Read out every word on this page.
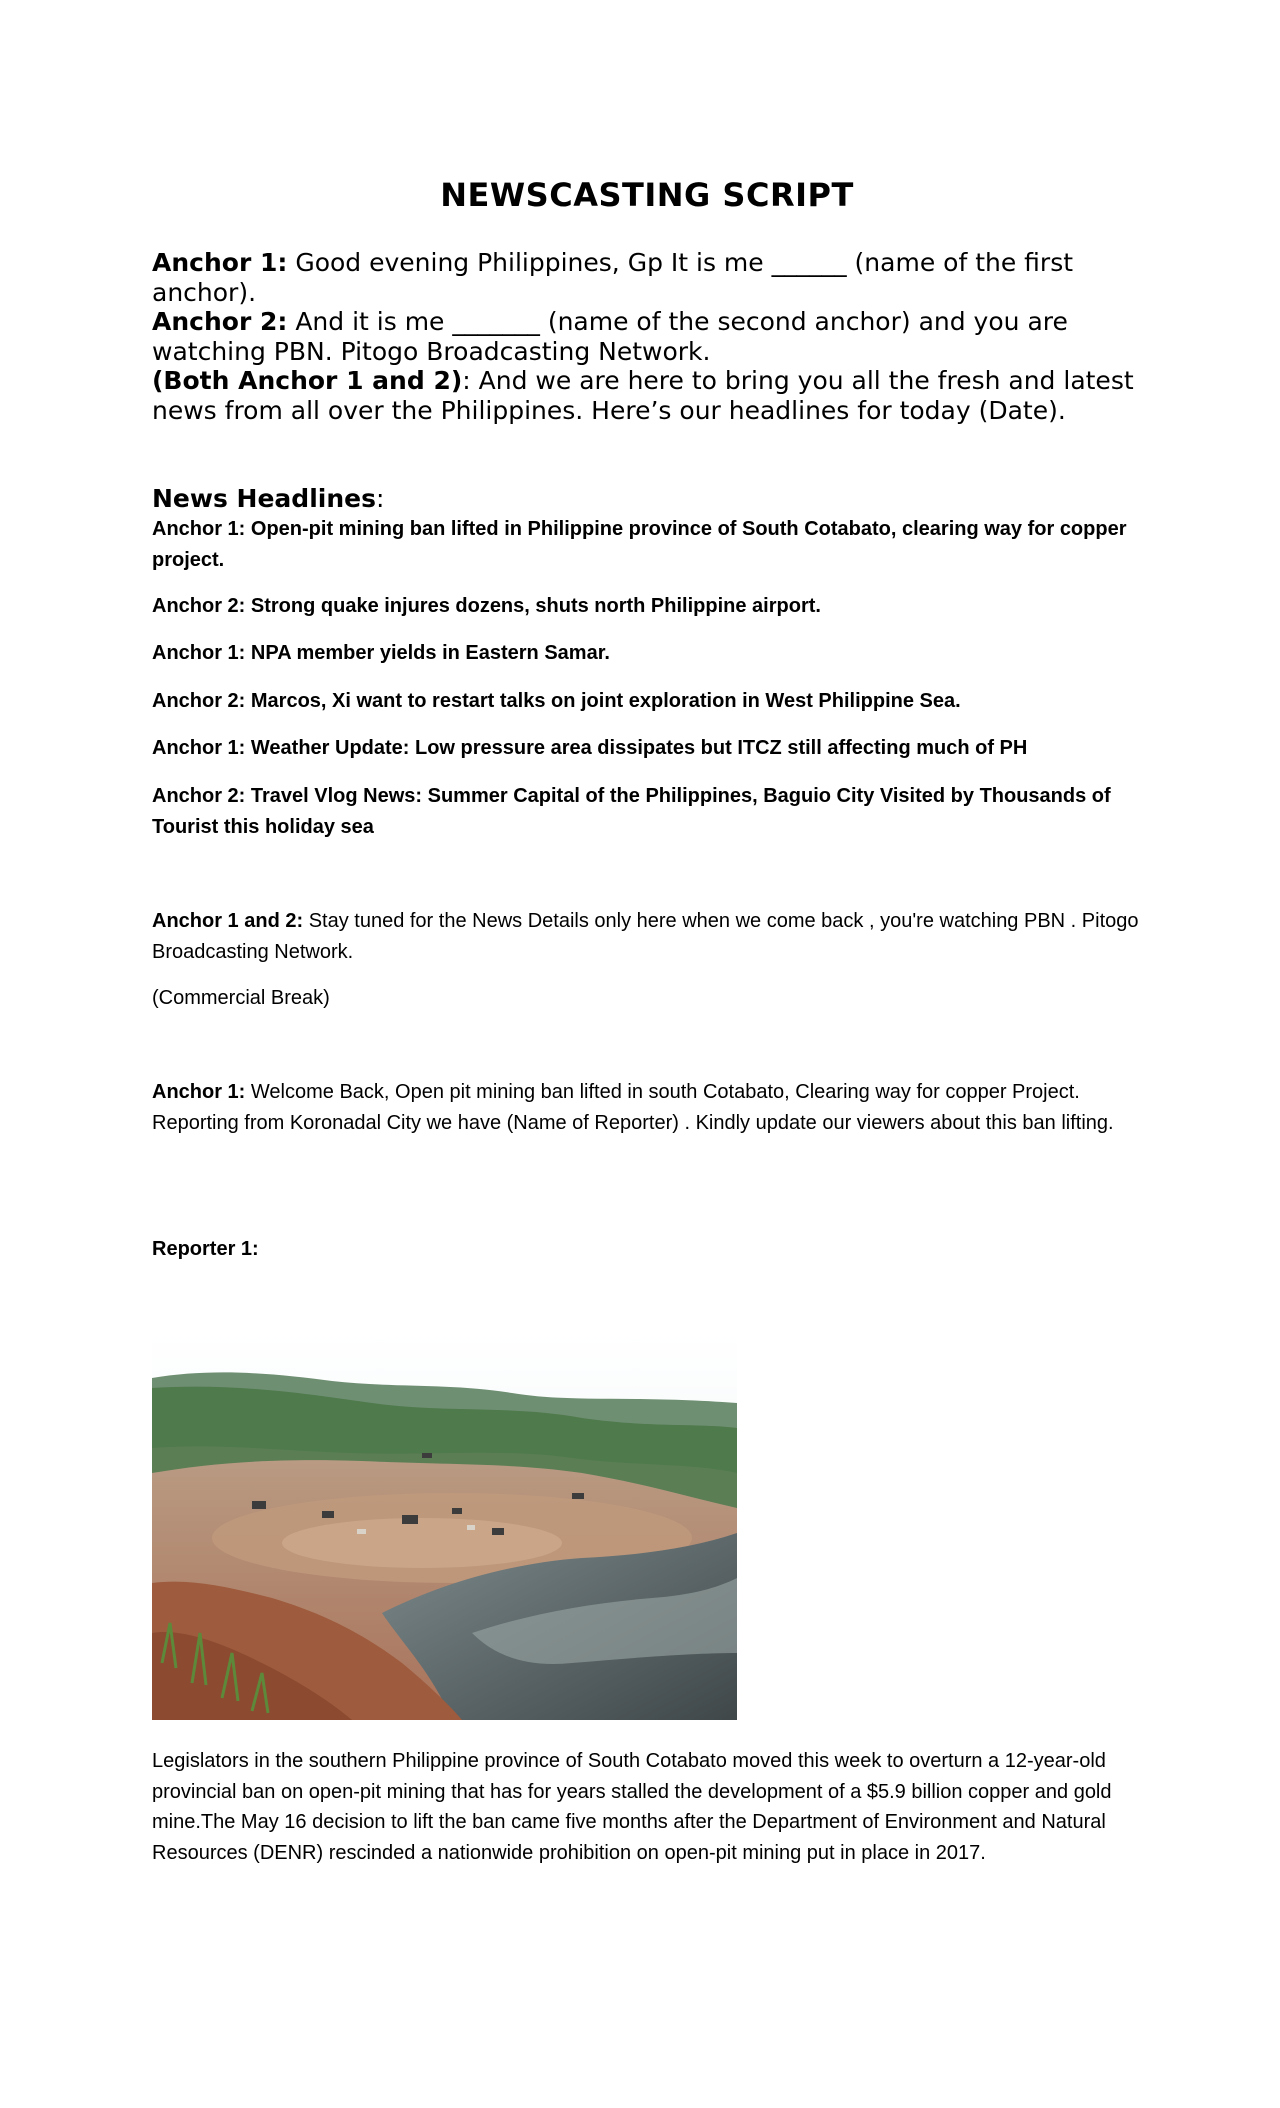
NEWSCASTING SCRIPT

Anchor 1: Good evening Philippines, Gp It is me ______ (name of the first anchor).

Anchor 2: And it is me _______ (name of the second anchor) and you are watching PBN. Pitogo Broadcasting Network.

(Both Anchor 1 and 2): And we are here to bring you all the fresh and latest news from all over the Philippines. Here’s our headlines for today (Date).

News Headlines:

Anchor 1: Open-pit mining ban lifted in Philippine province of South Cotabato, clearing way for copper project.

Anchor 2: Strong quake injures dozens, shuts north Philippine airport.

Anchor 1: NPA member yields in Eastern Samar.

Anchor 2: Marcos, Xi want to restart talks on joint exploration in West Philippine Sea.

Anchor 1: Weather Update: Low pressure area dissipates but ITCZ still affecting much of PH

Anchor 2: Travel Vlog News: Summer Capital of the Philippines, Baguio City Visited by Thousands of Tourist this holiday sea

Anchor 1 and 2: Stay tuned for the News Details only here when we come back , you're watching PBN . Pitogo Broadcasting Network.

(Commercial Break)

Anchor 1: Welcome Back, Open pit mining ban lifted in south Cotabato, Clearing way for copper Project. Reporting from Koronadal City we have (Name of Reporter) . Kindly update our viewers about this ban lifting.

Reporter 1:

Legislators in the southern Philippine province of South Cotabato moved this week to overturn a 12-year-old provincial ban on open-pit mining that has for years stalled the development of a $5.9 billion copper and gold mine.The May 16 decision to lift the ban came five months after the Department of Environment and Natural Resources (DENR) rescinded a nationwide prohibition on open-pit mining put in place in 2017.
